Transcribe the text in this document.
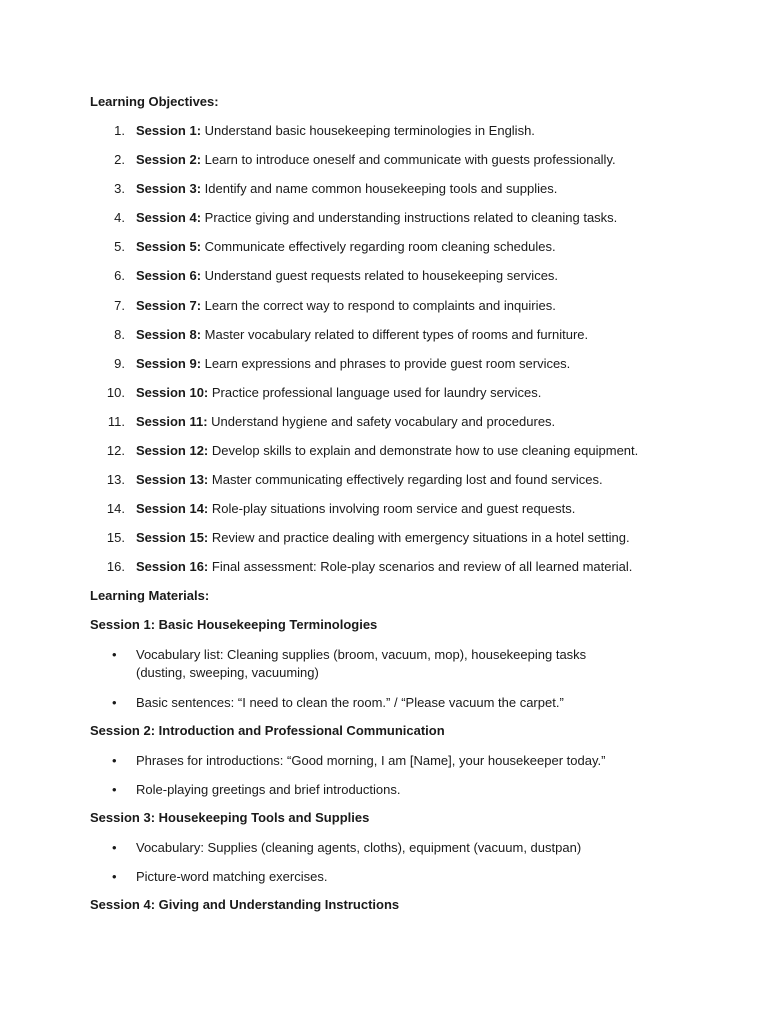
Learning Objectives:
1. Session 1: Understand basic housekeeping terminologies in English.
2. Session 2: Learn to introduce oneself and communicate with guests professionally.
3. Session 3: Identify and name common housekeeping tools and supplies.
4. Session 4: Practice giving and understanding instructions related to cleaning tasks.
5. Session 5: Communicate effectively regarding room cleaning schedules.
6. Session 6: Understand guest requests related to housekeeping services.
7. Session 7: Learn the correct way to respond to complaints and inquiries.
8. Session 8: Master vocabulary related to different types of rooms and furniture.
9. Session 9: Learn expressions and phrases to provide guest room services.
10. Session 10: Practice professional language used for laundry services.
11. Session 11: Understand hygiene and safety vocabulary and procedures.
12. Session 12: Develop skills to explain and demonstrate how to use cleaning equipment.
13. Session 13: Master communicating effectively regarding lost and found services.
14. Session 14: Role-play situations involving room service and guest requests.
15. Session 15: Review and practice dealing with emergency situations in a hotel setting.
16. Session 16: Final assessment: Role-play scenarios and review of all learned material.
Learning Materials:
Session 1: Basic Housekeeping Terminologies
• Vocabulary list: Cleaning supplies (broom, vacuum, mop), housekeeping tasks (dusting, sweeping, vacuuming)
• Basic sentences: “I need to clean the room.” / “Please vacuum the carpet.”
Session 2: Introduction and Professional Communication
• Phrases for introductions: “Good morning, I am [Name], your housekeeper today.”
• Role-playing greetings and brief introductions.
Session 3: Housekeeping Tools and Supplies
• Vocabulary: Supplies (cleaning agents, cloths), equipment (vacuum, dustpan)
• Picture-word matching exercises.
Session 4: Giving and Understanding Instructions
